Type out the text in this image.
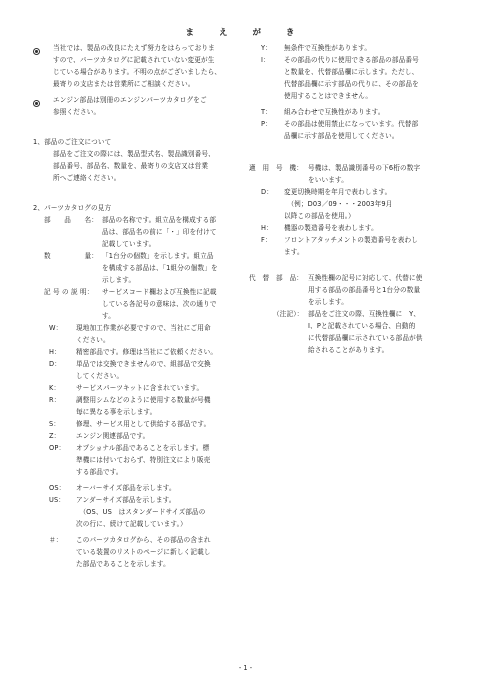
ま え が き
当社では、製品の改良にたえず努力をはらっておりま
すので、パーツカタログに記載されていない変更が生
じている場合があります。不明の点がございましたら、
最寄りの支店または営業所にご相談ください。
エンジン部品は別冊のエンジンパーツカタログをご
参照ください。
1、部品のご注文について
部品をご注文の際には、製品型式名、製品識別番号、
部品番号、部品名、数量を、最寄りの支店又は営業
所へご連絡ください。
2、パーツカタログの見方
部　　品　　名： 部品の名称です。組立品を構成する部
品は、部品名の前に「・」印を付けて
記載しています。
数　　　　　量： 「1台分の個数」を示します。組立品
を構成する部品は、「1組分の個数」を
示します。
記 号 の 説 明： サービスコード欄および互換性に記載
している各記号の意味は、次の通りで
す。
W： 現地加工作業が必要ですので、当社にご用命
ください。
H： 精密部品です。修理は当社にご依頼ください。
D： 単品では交換できませんので、組部品で交換
してください。
K： サービスパーツキットに含まれています。
R： 調整用シムなどのように使用する数量が号機
毎に異なる事を示します。
S： 修理、サービス用として供給する部品です。
Z： エンジン関連部品です。
OP： オプショナル部品であることを示します。標
準機には付いておらず、特別注文により販売
する部品です。
OS： オーバーサイズ部品を示します。
US： アンダーサイズ部品を示します。
　（OS、US　はスタンダードサイズ部品の
次の行に、続けて記載しています。）
＃： このパーツカタログから、その部品の含まれ
ている装置のリストのページに新しく記載し
た部品であることを示します。
Y： 無条件で互換性があります。
I： その部品の代りに使用できる部品の部品番号
と数量を、代替部品欄に示します。ただし、
代替部品欄に示す部品の代りに、その部品を
使用することはできません。
T： 組み合わせで互換性があります。
P： その部品は使用禁止になっています。代替部
品欄に示す部品を使用してください。
適　用　号　機： 号機は、製品識別番号の下6桁の数字
をいいます。
D： 変更切換時期を年月で表わします。
　（例；D03／09・・・2003年9月
以降この部品を使用。）
H： 機器の製造番号を表わします。
F： フロントアタッチメントの製造番号を表わし
ます。
代　替　部　品： 互換性欄の記号に対応して、代替に使
用する部品の部品番号と1台分の数量
を示します。
（注記）： 部品をご注文の際、互換性欄に　Y、
I、Pと記載されている場合、自動的
に代替部品欄に示されている部品が供
給されることがあります。
- 1 -
